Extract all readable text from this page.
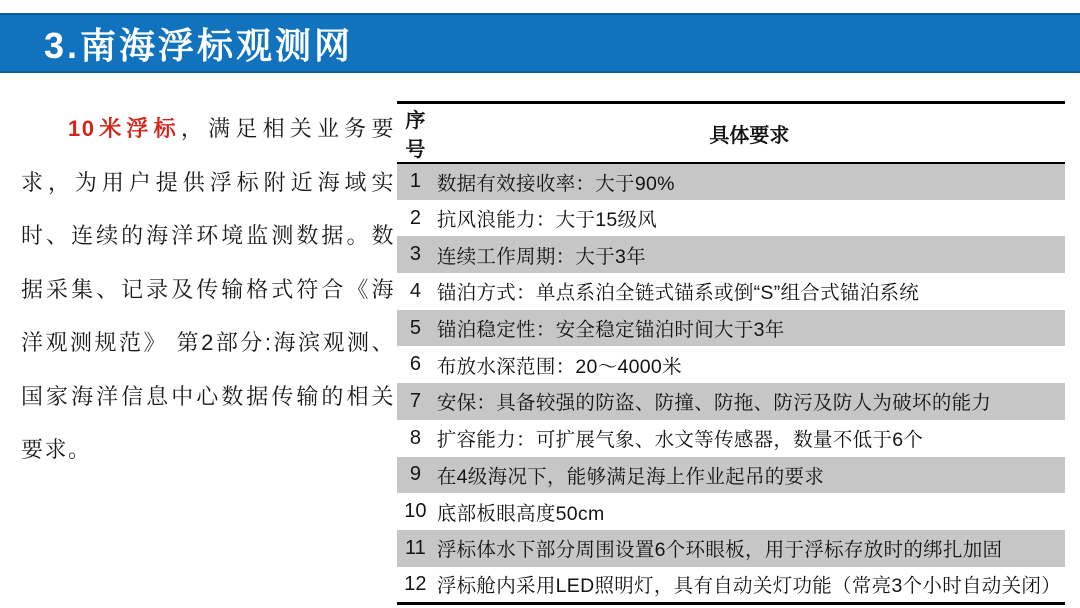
3.南海浮标观测网
10米浮标，满足相关业务要求，为用户提供浮标附近海域实时、连续的海洋环境监测数据。数据采集、记录及传输格式符合《海洋观测规范》 第2部分:海滨观测、国家海洋信息中心数据传输的相关要求。
序号	具体要求
1	数据有效接收率：大于90%
2	抗风浪能力：大于15级风
3	连续工作周期：大于3年
4	锚泊方式：单点系泊全链式锚系或倒“S”组合式锚泊系统
5	锚泊稳定性：安全稳定锚泊时间大于3年
6	布放水深范围：20～4000米
7	安保：具备较强的防盗、防撞、防拖、防污及防人为破坏的能力
8	扩容能力：可扩展气象、水文等传感器，数量不低于6个
9	在4级海况下，能够满足海上作业起吊的要求
10	底部板眼高度50cm
11	浮标体水下部分周围设置6个环眼板，用于浮标存放时的绑扎加固
12	浮标舱内采用LED照明灯，具有自动关灯功能（常亮3个小时自动关闭）
